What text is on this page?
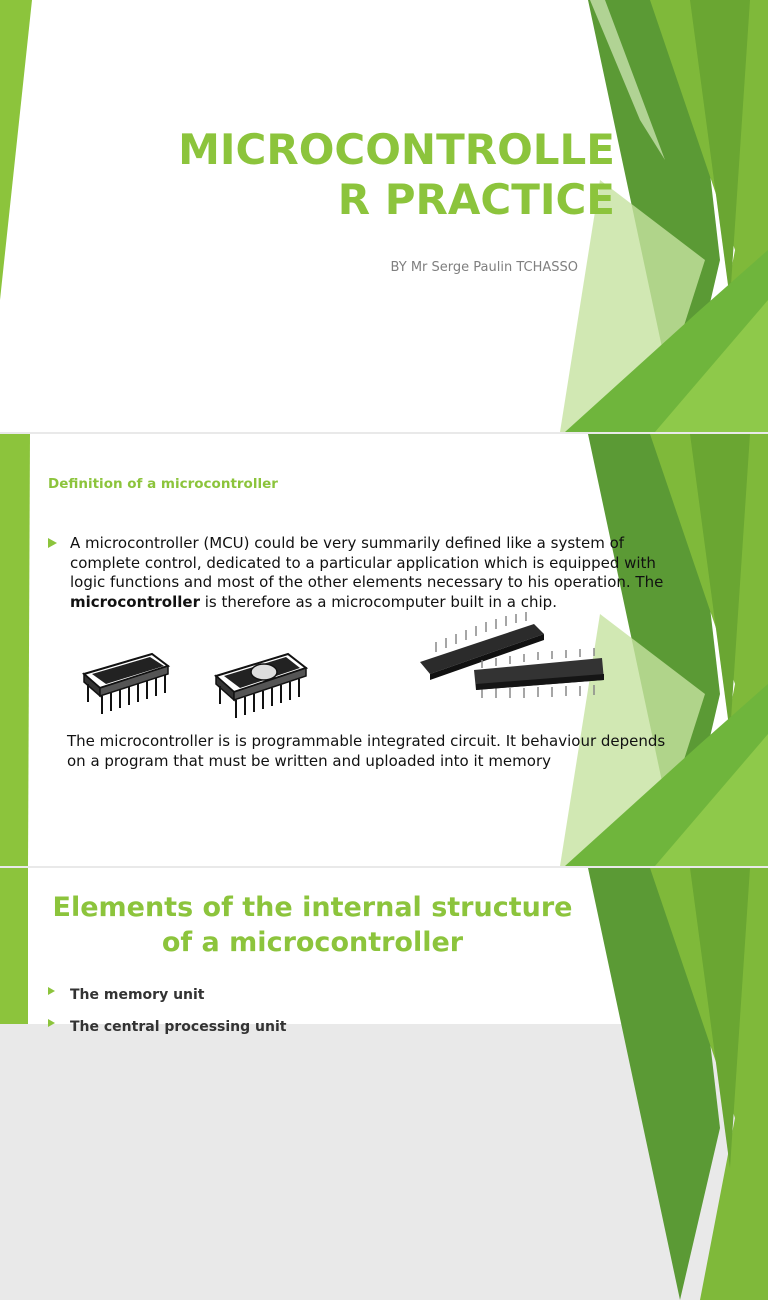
MICROCONTROLLE
R PRACTICE
BY Mr Serge Paulin TCHASSO
Definition of a microcontroller
A microcontroller (MCU) could be very summarily defined like a system of complete control, dedicated to a particular application which is equipped with logic functions and most of the other elements necessary to his operation. The microcontroller is therefore as a microcomputer built in a chip.
The microcontroller is is programmable integrated circuit. It behaviour depends on a program that must be written and uploaded into it memory
Elements of the internal structure of a microcontroller
The memory unit
The central processing unit
